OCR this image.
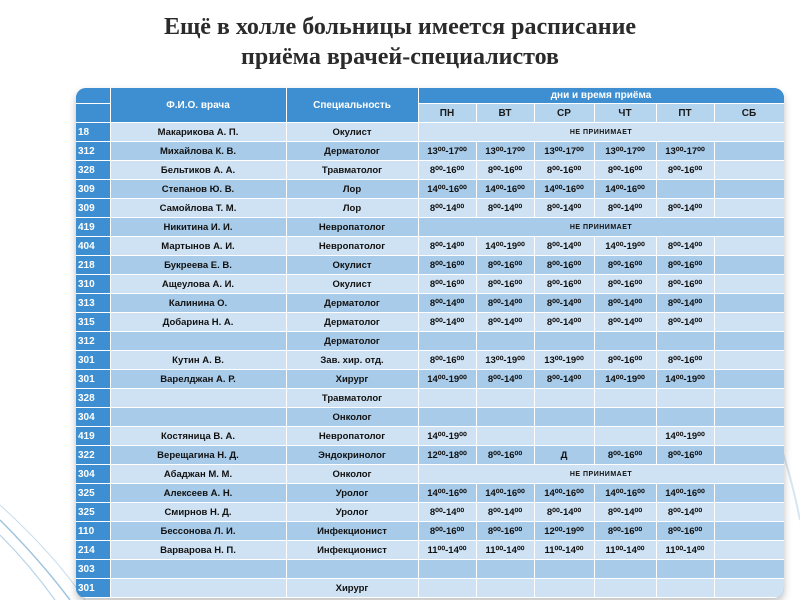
Ещё в холле больницы имеется расписание
приёма врачей-специалистов
	Ф.И.О. врача	Специальность	дни и время приёма					
			ПН	ВТ	СР	ЧТ	ПТ	СБ
18	Макарикова А. П.	Окулист	НЕ ПРИНИМАЕТ					
312	Михайлова К. В.	Дерматолог	13⁰⁰-17⁰⁰	13⁰⁰-17⁰⁰	13⁰⁰-17⁰⁰	13⁰⁰-17⁰⁰	13⁰⁰-17⁰⁰	
328	Бельтиков А. А.	Травматолог	8⁰⁰-16⁰⁰	8⁰⁰-16⁰⁰	8⁰⁰-16⁰⁰	8⁰⁰-16⁰⁰	8⁰⁰-16⁰⁰	
309	Степанов Ю. В.	Лор	14⁰⁰-16⁰⁰	14⁰⁰-16⁰⁰	14⁰⁰-16⁰⁰	14⁰⁰-16⁰⁰		
309	Самойлова Т. М.	Лор	8⁰⁰-14⁰⁰	8⁰⁰-14⁰⁰	8⁰⁰-14⁰⁰	8⁰⁰-14⁰⁰	8⁰⁰-14⁰⁰	
419	Никитина И. И.	Невропатолог	НЕ ПРИНИМАЕТ					
404	Мартынов А. И.	Невропатолог	8⁰⁰-14⁰⁰	14⁰⁰-19⁰⁰	8⁰⁰-14⁰⁰	14⁰⁰-19⁰⁰	8⁰⁰-14⁰⁰	
218	Букреева Е. В.	Окулист	8⁰⁰-16⁰⁰	8⁰⁰-16⁰⁰	8⁰⁰-16⁰⁰	8⁰⁰-16⁰⁰	8⁰⁰-16⁰⁰	
310	Ащеулова А. И.	Окулист	8⁰⁰-16⁰⁰	8⁰⁰-16⁰⁰	8⁰⁰-16⁰⁰	8⁰⁰-16⁰⁰	8⁰⁰-16⁰⁰	
313	Калинина О.	Дерматолог	8⁰⁰-14⁰⁰	8⁰⁰-14⁰⁰	8⁰⁰-14⁰⁰	8⁰⁰-14⁰⁰	8⁰⁰-14⁰⁰	
315	Добарина Н. А.	Дерматолог	8⁰⁰-14⁰⁰	8⁰⁰-14⁰⁰	8⁰⁰-14⁰⁰	8⁰⁰-14⁰⁰	8⁰⁰-14⁰⁰	
312		Дерматолог						
301	Кутин А. В.	Зав. хир. отд.	8⁰⁰-16⁰⁰	13⁰⁰-19⁰⁰	13⁰⁰-19⁰⁰	8⁰⁰-16⁰⁰	8⁰⁰-16⁰⁰	
301	Варелджан А. Р.	Хирург	14⁰⁰-19⁰⁰	8⁰⁰-14⁰⁰	8⁰⁰-14⁰⁰	14⁰⁰-19⁰⁰	14⁰⁰-19⁰⁰	
328		Травматолог						
304		Онколог						
419	Костяница В. А.	Невропатолог	14⁰⁰-19⁰⁰				14⁰⁰-19⁰⁰	
322	Верещагина Н. Д.	Эндокринолог	12⁰⁰-18⁰⁰	8⁰⁰-16⁰⁰	Д	8⁰⁰-16⁰⁰	8⁰⁰-16⁰⁰	
304	Абаджан М. М.	Онколог	НЕ ПРИНИМАЕТ					
325	Алексеев А. Н.	Уролог	14⁰⁰-16⁰⁰	14⁰⁰-16⁰⁰	14⁰⁰-16⁰⁰	14⁰⁰-16⁰⁰	14⁰⁰-16⁰⁰	
325	Смирнов Н. Д.	Уролог	8⁰⁰-14⁰⁰	8⁰⁰-14⁰⁰	8⁰⁰-14⁰⁰	8⁰⁰-14⁰⁰	8⁰⁰-14⁰⁰	
110	Бессонова Л. И.	Инфекционист	8⁰⁰-16⁰⁰	8⁰⁰-16⁰⁰	12⁰⁰-19⁰⁰	8⁰⁰-16⁰⁰	8⁰⁰-16⁰⁰	
214	Варварова Н. П.	Инфекционист	11⁰⁰-14⁰⁰	11⁰⁰-14⁰⁰	11⁰⁰-14⁰⁰	11⁰⁰-14⁰⁰	11⁰⁰-14⁰⁰	
303								
301		Хирург						
